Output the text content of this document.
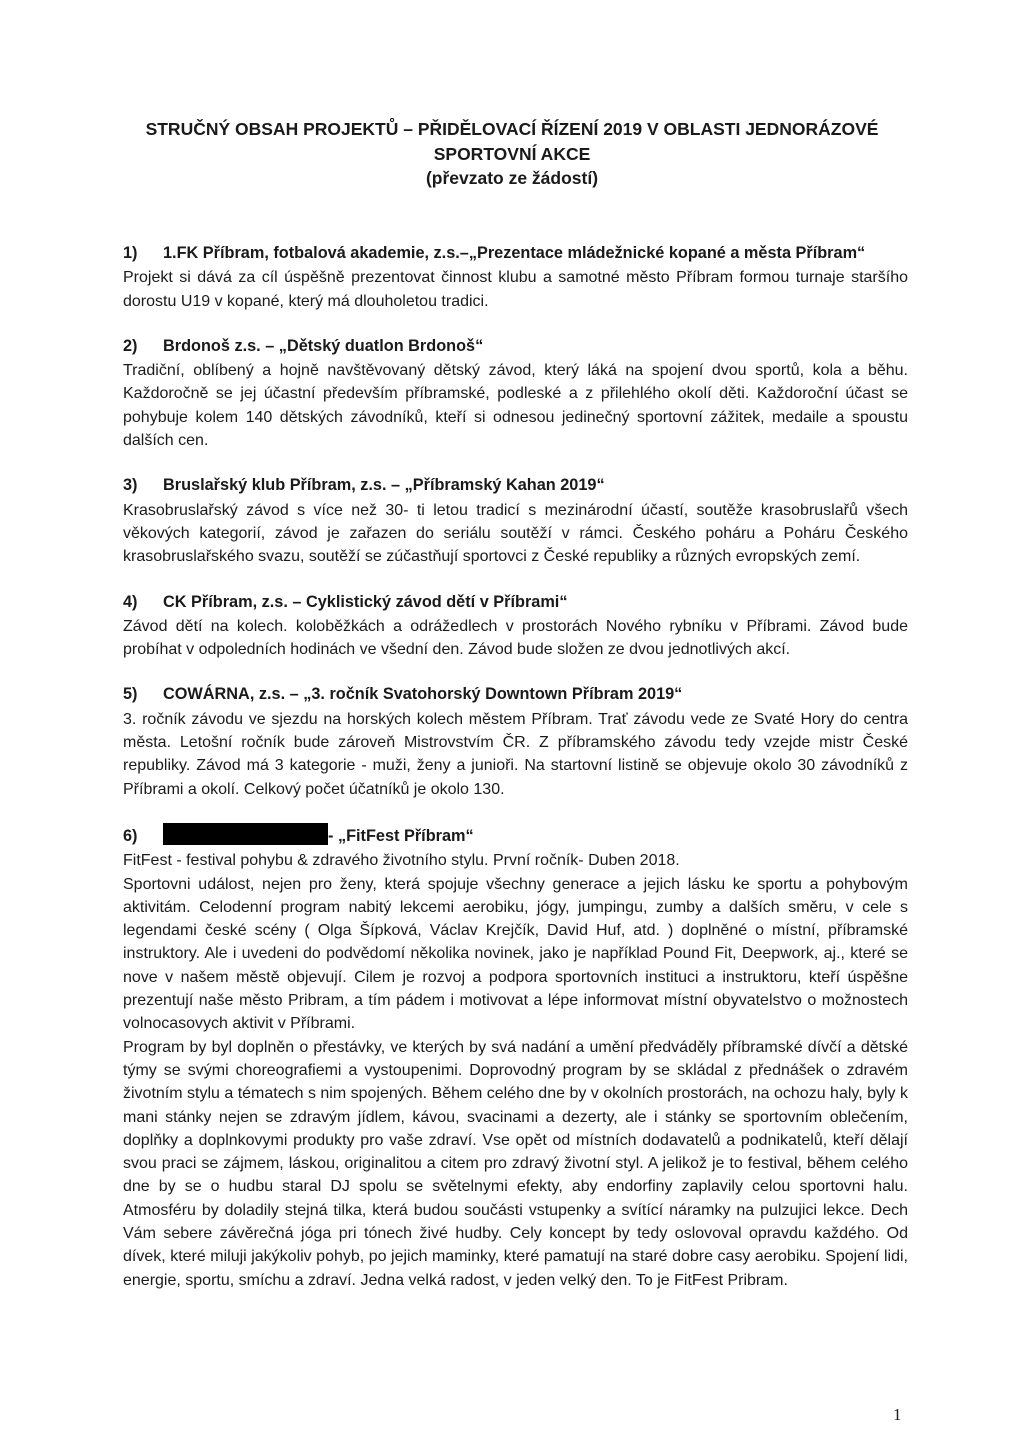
STRUČNÝ OBSAH PROJEKTŮ – PŘIDĚLOVACÍ ŘÍZENÍ 2019 V OBLASTI JEDNORÁZOVÉ
SPORTOVNÍ AKCE
(převzato ze žádostí)
1) 1.FK Příbram, fotbalová akademie, z.s.–„Prezentace mládežnické kopané a města Příbram“
Projekt si dává za cíl úspěšně prezentovat činnost klubu a samotné město Příbram formou turnaje staršího dorostu U19 v kopané, který má dlouholetou tradici.
2) Brdonoš z.s. – „Dětský duatlon Brdonoš“
Tradiční, oblíbený a hojně navštěvovaný dětský závod, který láká na spojení dvou sportů, kola a běhu. Každoročně se jej účastní především příbramské, podleské a z přilehlého okolí děti. Každoroční účast se pohybuje kolem 140 dětských závodníků, kteří si odnesou jedinečný sportovní zážitek, medaile a spoustu dalších cen.
3) Bruslařský klub Příbram, z.s. – „Příbramský Kahan 2019“
Krasobruslařský závod s více než 30- ti letou tradicí s mezinárodní účastí, soutěže krasobruslařů všech věkových kategorií, závod je zařazen do seriálu soutěží v rámci. Českého poháru a Poháru Českého krasobruslařského svazu, soutěží se zúčastňují sportovci z České republiky a různých evropských zemí.
4) CK Příbram, z.s. – Cyklistický závod dětí v Příbrami“
Závod dětí na kolech. koloběžkách a odrážedlech v prostorách Nového rybníku v Příbrami. Závod bude probíhat v odpoledních hodinách ve všední den. Závod bude složen ze dvou jednotlivých akcí.
5) COWÁRNA, z.s. – „3. ročník Svatohorský Downtown Příbram 2019“
3. ročník závodu ve sjezdu na horských kolech městem Příbram. Trať závodu vede ze Svaté Hory do centra města. Letošní ročník bude zároveň Mistrovstvím ČR. Z příbramského závodu tedy vzejde mistr České republiky. Závod má 3 kategorie - muži, ženy a junioři. Na startovní listině se objevuje okolo 30 závodníků z Příbrami a okolí. Celkový počet účatníků je okolo 130.
6)	- „FitFest Příbram“
FitFest - festival pohybu & zdravého životního stylu. První ročník- Duben 2018.
Sportovni událost, nejen pro ženy, která spojuje všechny generace a jejich lásku ke sportu a pohybovým aktivitám. Celodenní program nabitý lekcemi aerobiku, jógy, jumpingu, zumby a dalších směru, v cele s legendami české scény ( Olga Šípková, Václav Krejčík, David Huf, atd. ) doplněné o místní, příbramské instruktory. Ale i uvedeni do podvědomí několika novinek, jako je například Pound Fit, Deepwork, aj., které se nove v našem městě objevují. Cilem je rozvoj a podpora sportovních instituci a instruktoru, kteří úspěšne prezentují naše město Pribram, a tím pádem i motivovat a lépe informovat místní obyvatelstvo o možnostech volnocasovych aktivit v Příbrami.
Program by byl doplněn o přestávky, ve kterých by svá nadání a umění předváděly příbramské dívčí a dětské týmy se svými choreografiemi a vystoupenimi. Doprovodný program by se skládal z přednášek o zdravém životním stylu a tématech s nim spojených. Během celého dne by v okolních prostorách, na ochozu haly, byly k mani stánky nejen se zdravým jídlem, kávou, svacinami a dezerty, ale i stánky se sportovním oblečením, doplňky a doplnkovymi produkty pro vaše zdraví. Vse opět od místních dodavatelů a podnikatelů, kteří dělají svou praci se zájmem, láskou, originalitou a citem pro zdravý životní styl. A jelikož je to festival, během celého dne by se o hudbu staral DJ spolu se světelnymi efekty, aby endorfiny zaplavily celou sportovni halu. Atmosféru by doladily stejná tilka, která budou součásti vstupenky a svítící náramky na pulzujici lekce. Dech Vám sebere závěrečná jóga pri tónech živé hudby. Cely koncept by tedy oslovoval opravdu každého. Od dívek, které miluji jakýkoliv pohyb, po jejich maminky, které pamatují na staré dobre casy aerobiku. Spojení lidi, energie, sportu, smíchu a zdraví. Jedna velká radost, v jeden velký den. To je FitFest Pribram.
1
